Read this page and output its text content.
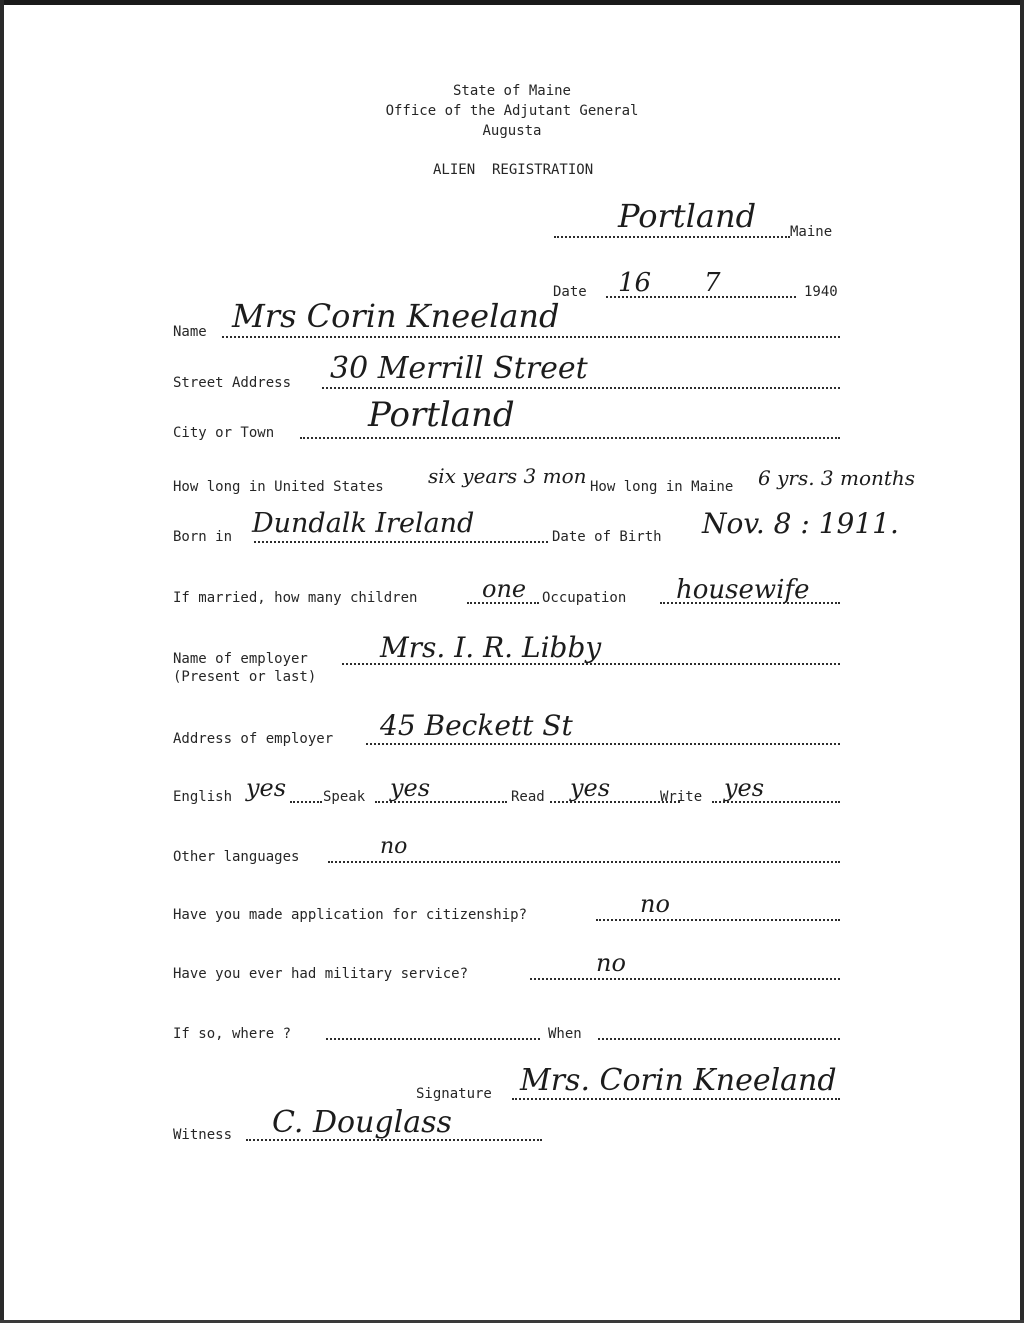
State of Maine
Office of the Adjutant General
Augusta
ALIEN  REGISTRATION
Portland Maine
Date 16 7	1940
Name Mrs Corin Kneeland
Street Address 30 Merrill Street
City or Town	Portland
How long in United States six years 3 mon How long in Maine 6 yrs. 3 months
Born in Dundalk Ireland	Date of Birth Nov. 8 : 1911.
If married, how many children	one Occupation housewife
Name of employer
(Present or last)
Mrs. I. R. Libby
Address of employer 45 Beckett St
English yes	Speak yes	Read yes	Write yes
Other languages	no
Have you made application for citizenship?	no
Have you ever had military service?	no
If so, where ?	When
Signature Mrs. Corin Kneeland
Witness C. Douglass
